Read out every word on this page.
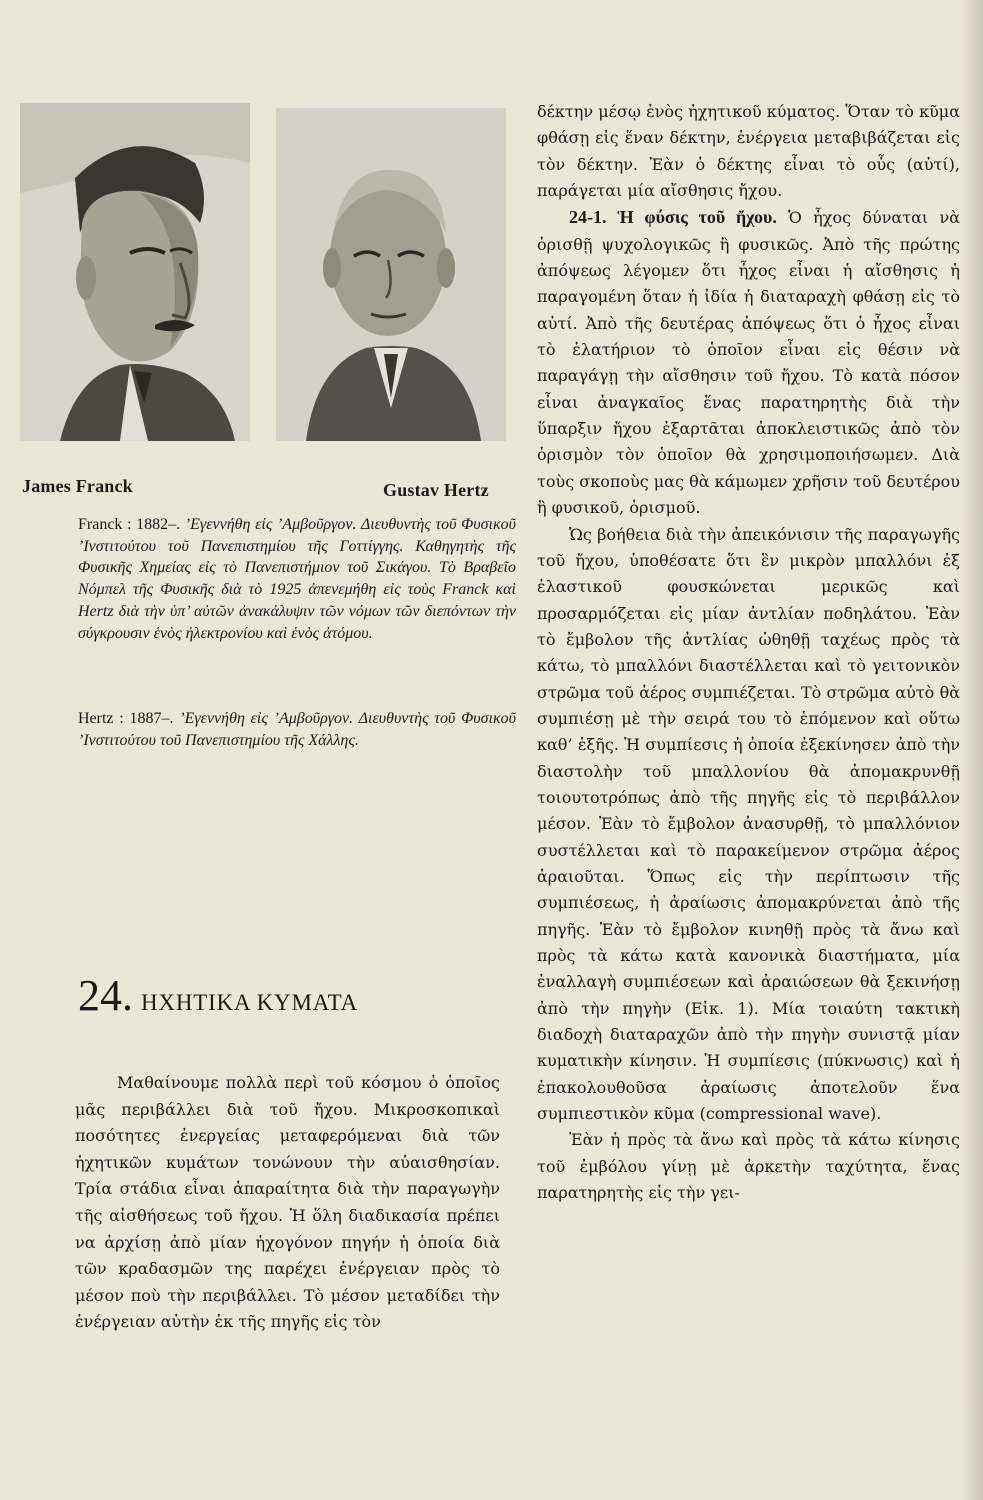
James Franck	Gustav Hertz
Franck : 1882–. ’Εγεννήθη εἰς ’Αμβοῦργον. Διευθυντὴς τοῦ Φυσικοῦ ’Ινστιτούτου τοῦ Πανεπιστημίου τῆς Γοττίγγης. Καθηγητὴς τῆς Φυσικῆς Χημείας εἰς τὸ Πανεπιστήμιον τοῦ Σικάγου. Τὸ Βραβεῖο Νόμπελ τῆς Φυσικῆς διὰ τὸ 1925 ἀπενεμήθη εἰς τοὺς Franck καὶ Hertz διὰ τὴν ὑπ’ αὐτῶν ἀνακάλυψιν τῶν νόμων τῶν διεπόντων τὴν σύγκρουσιν ἑνὸς ἠλεκτρονίου καὶ ἑνὸς ἀτόμου.
Hertz : 1887–. ’Εγεννήθη εἰς ’Αμβοῦργον. Διευθυντὴς τοῦ Φυσικοῦ ’Ινστιτούτου τοῦ Πανεπιστημίου τῆς Χάλλης.
24. ΗΧΗΤΙΚΑ ΚΥΜΑΤΑ
Μαθαίνουμε πολλὰ περὶ τοῦ κόσμου ὁ ὁποῖος μᾶς περιβάλλει διὰ τοῦ ἤχου. Μικροσκοπικαὶ ποσότητες ἐνεργείας μεταφερόμεναι διὰ τῶν ἠχητικῶν κυμάτων τονώνουν τὴν αὐαισθησίαν. Τρία στάδια εἶναι ἀπαραίτητα διὰ τὴν παραγωγὴν τῆς αἰσθήσεως τοῦ ἤχου. Ἡ ὅλη διαδικασία πρέπει να ἀρχίσῃ ἀπὸ μίαν ἠχογόνον πηγήν ἡ ὁποία διὰ τῶν κραδασμῶν της παρέχει ἐνέργειαν πρὸς τὸ μέσον ποὺ τὴν περιβάλλει. Τὸ μέσον μεταδίδει τὴν ἐνέργειαν αὐτὴν ἐκ τῆς πηγῆς εἰς τὸν

δέκτην μέσῳ ἑνὸς ἠχητικοῦ κύματος. Ὅταν τὸ κῦμα φθάσῃ εἰς ἕναν δέκτην, ἐνέργεια μεταβιβάζεται εἰς τὸν δέκτην. Ἐὰν ὁ δέκτης εἶναι τὸ οὖς (αὐτί), παράγεται μία αἴσθησις ἤχου.

24-1. Ἡ φύσις τοῦ ἤχου. Ὁ ἦχος δύναται νὰ ὁρισθῇ ψυχολογικῶς ἢ φυσικῶς. Ἀπὸ τῆς πρώτης ἀπόψεως λέγομεν ὅτι ἦχος εἶναι ἡ αἴσθησις ἡ παραγομένη ὅταν ἡ ἰδία ἡ διαταραχὴ φθάσῃ εἰς τὸ αὐτί. Ἀπὸ τῆς δευτέρας ἀπόψεως ὅτι ὁ ἦχος εἶναι τὸ ἐλατήριον τὸ ὁποῖον εἶναι εἰς θέσιν νὰ παραγάγῃ τὴν αἴσθησιν τοῦ ἤχου. Τὸ κατὰ πόσον εἶναι ἀναγκαῖος ἕνας παρατηρητὴς διὰ τὴν ὕπαρξιν ἤχου ἐξαρτᾶται ἀποκλειστικῶς ἀπὸ τὸν ὁρισμὸν τὸν ὁποῖον θὰ χρησιμοποιήσωμεν. Διὰ τοὺς σκοποὺς μας θὰ κάμωμεν χρῆσιν τοῦ δευτέρου ἢ φυσικοῦ, ὁρισμοῦ.

Ὡς βοήθεια διὰ τὴν ἀπεικόνισιν τῆς παραγωγῆς τοῦ ἤχου, ὑποθέσατε ὅτι ἓν μικρὸν μπαλλόνι ἐξ ἐλαστικοῦ φουσκώνεται μερικῶς καὶ προσαρμόζεται εἰς μίαν ἀντλίαν ποδηλάτου. Ἐὰν τὸ ἔμβολον τῆς ἀντλίας ὠθηθῇ ταχέως πρὸς τὰ κάτω, τὸ μπαλλόνι διαστέλλεται καὶ τὸ γειτονικὸν στρῶμα τοῦ ἀέρος συμπιέζεται. Τὸ στρῶμα αὐτὸ θὰ συμπιέσῃ μὲ τὴν σειρά του τὸ ἑπόμενον καὶ οὕτω καθ’ ἑξῆς. Ἡ συμπίεσις ἡ ὁποία ἐξεκίνησεν ἀπὸ τὴν διαστολὴν τοῦ μπαλλονίου θὰ ἀπομακρυνθῇ τοιουτοτρόπως ἀπὸ τῆς πηγῆς εἰς τὸ περιβάλλον μέσον. Ἐὰν τὸ ἔμβολον ἀνασυρθῇ, τὸ μπαλλόνιον συστέλλεται καὶ τὸ παρακείμενον στρῶμα ἀέρος ἀραιοῦται. Ὅπως εἰς τὴν περίπτωσιν τῆς συμπιέσεως, ἡ ἀραίωσις ἀπομακρύνεται ἀπὸ τῆς πηγῆς. Ἐὰν τὸ ἔμβολον κινηθῇ πρὸς τὰ ἄνω καὶ πρὸς τὰ κάτω κατὰ κανονικὰ διαστήματα, μία ἐναλλαγὴ συμπιέσεων καὶ ἀραιώσεων θὰ ξεκινήσῃ ἀπὸ τὴν πηγὴν (Εἰκ. 1). Μία τοιαύτη τακτικὴ διαδοχὴ διαταραχῶν ἀπὸ τὴν πηγὴν συνιστᾷ μίαν κυματικὴν κίνησιν. Ἡ συμπίεσις (πύκνωσις) καὶ ἡ ἐπακολουθοῦσα ἀραίωσις ἀποτελοῦν ἕνα συμπιεστικὸν κῦμα (compressional wave).

Ἐὰν ἡ πρὸς τὰ ἄνω καὶ πρὸς τὰ κάτω κίνησις τοῦ ἐμβόλου γίνῃ μὲ ἀρκετὴν ταχύτητα, ἕνας παρατηρητὴς εἰς τὴν γει-
